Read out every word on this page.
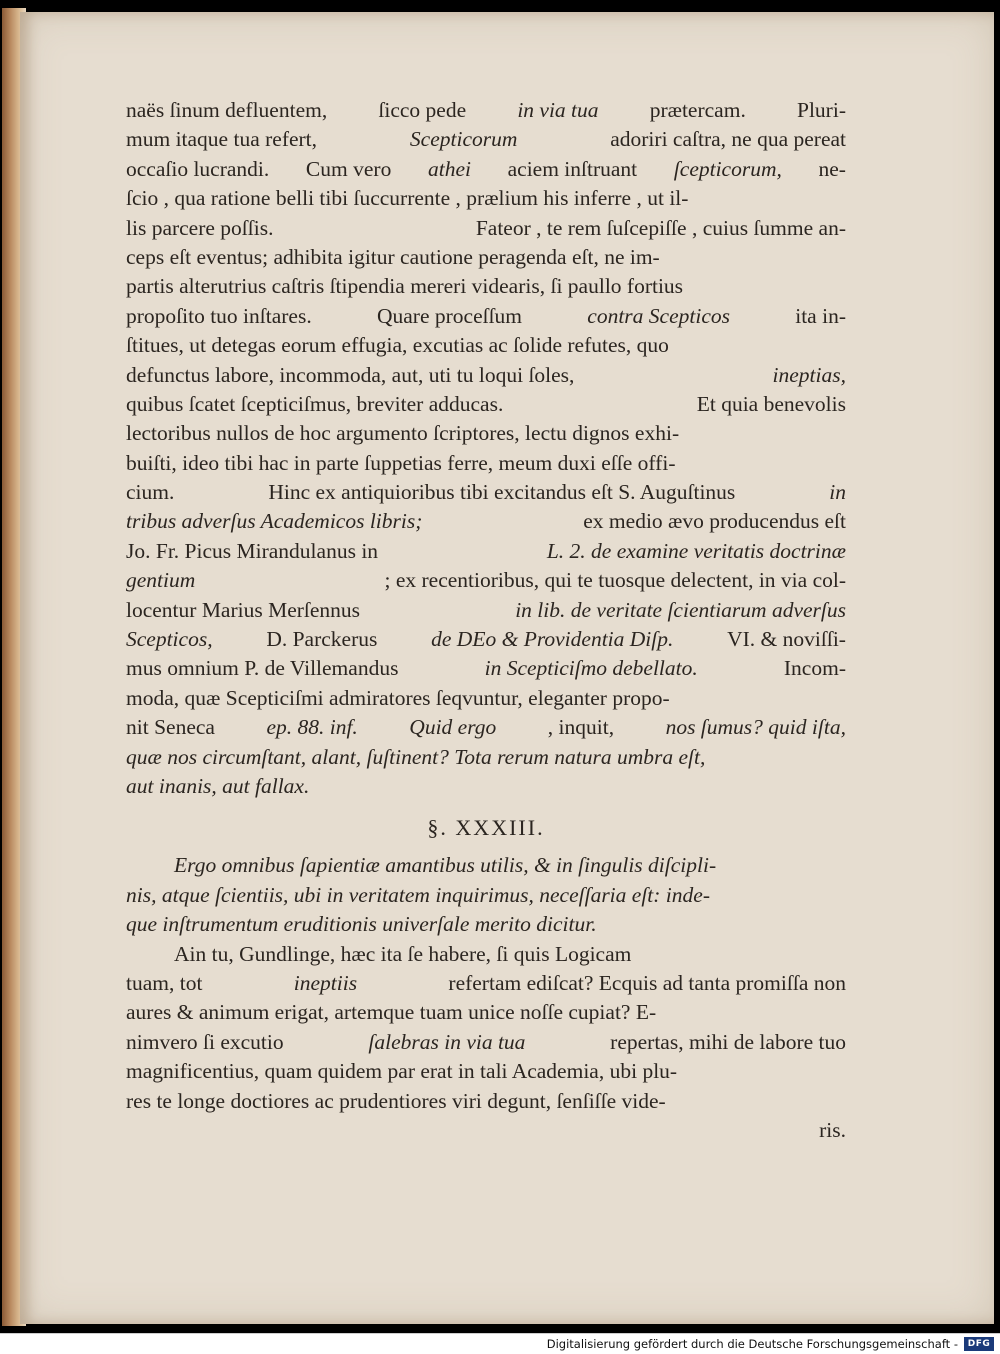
naës ſinum defluentem, ſicco pede in via tua prætercam. Pluri-
mum itaque tua refert,	Scepticorum	adoriri caſtra, ne qua pereat
occaſio lucrandi. Cum vero athei aciem inſtruant ſcepticorum, ne-
ſcio , qua ratione belli tibi ſuccurrente , prælium his inferre , ut il-
lis parcere poſſis.	Fateor , te rem ſuſcepiſſe , cuius ſumme an-
ceps eſt eventus; adhibita igitur cautione peragenda eſt, ne im-
partis alterutrius caſtris ſtipendia mereri videaris, ſi paullo fortius
propoſito tuo inſtares.	Quare proceſſum	contra Scepticos	ita in-
ſtitues, ut detegas eorum effugia, excutias ac ſolide refutes, quo
defunctus labore, incommoda, aut, uti tu loqui ſoles,	ineptias,
quibus ſcatet ſcepticiſmus, breviter adducas.	Et quia benevolis
lectoribus nullos de hoc argumento ſcriptores, lectu dignos exhi-
buiſti, ideo tibi hac in parte ſuppetias ferre, meum duxi eſſe offi-
cium.	Hinc ex antiquioribus tibi excitandus eſt S. Auguſtinus	in
tribus adverſus Academicos libris;	ex medio ævo producendus eſt
Jo. Fr. Picus Mirandulanus in	L. 2. de examine veritatis doctrinæ
gentium	; ex recentioribus, qui te tuosque delectent, in via col-
locentur Marius Merſennus	in lib. de veritate ſcientiarum adverſus
Scepticos,	D. Parckerus	de DEo & Providentia Diſp.	VI. & noviſſi-
mus omnium P. de Villemandus	in Scepticiſmo debellato.	Incom-
moda, quæ Scepticiſmi admiratores ſeqvuntur, eleganter propo-
nit Seneca ep. 88. inf. Quid ergo , inquit, nos ſumus? quid iſta,
quæ nos circumſtant, alant, ſuſtinent? Tota rerum natura umbra eſt,
aut inanis, aut fallax.
§. XXXIII.
Ergo omnibus ſapientiæ amantibus utilis, & in ſingulis diſcipli-
nis, atque ſcientiis, ubi in veritatem inquirimus, neceſſaria eſt: inde-
que inſtrumentum eruditionis univerſale merito dicitur.
Ain tu, Gundlinge, hæc ita ſe habere, ſi quis Logicam
tuam, tot	ineptiis	refertam ediſcat? Ecquis ad tanta promiſſa non
aures & animum erigat, artemque tuam unice noſſe cupiat? E-
nimvero ſi excutio	ſalebras in via tua	repertas, mihi de labore tuo
magnificentius, quam quidem par erat in tali Academia, ubi plu-
res te longe doctiores ac prudentiores viri degunt, ſenſiſſe vide-
ris.
Digitalisierung gefördert durch die Deutsche Forschungsgemeinschaft -	DFG
